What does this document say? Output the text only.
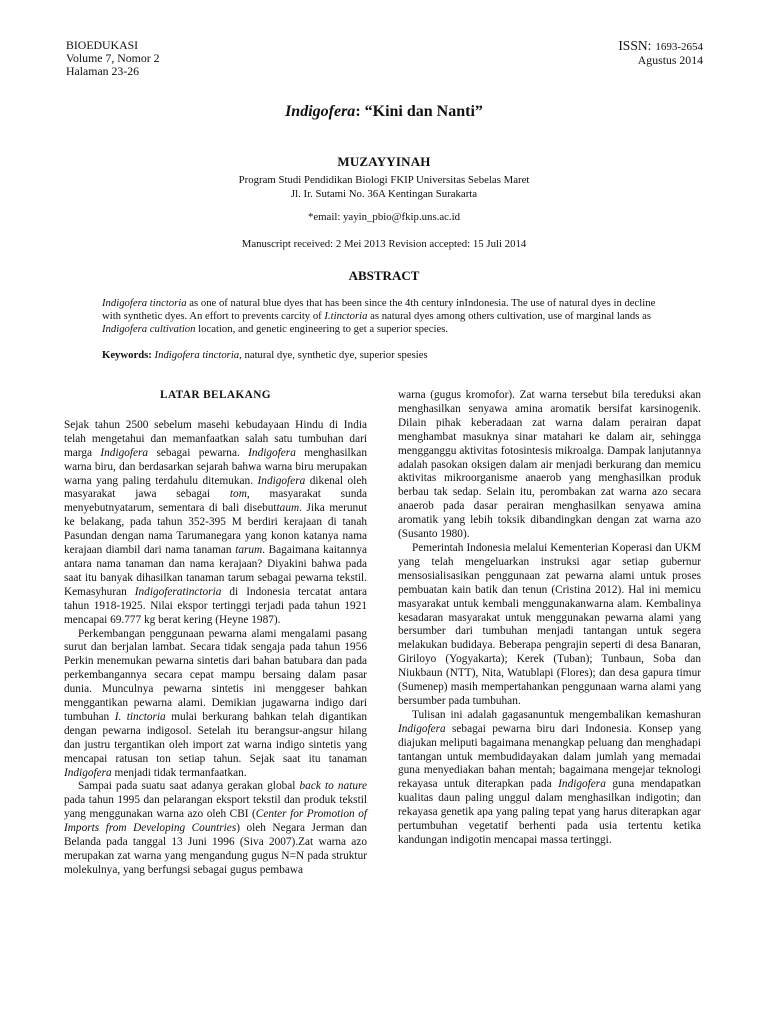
BIOEDUKASI
Volume 7, Nomor 2
Halaman 23-26
ISSN: 1693-2654
Agustus 2014
Indigofera: “Kini dan Nanti”
MUZAYYINAH
Program Studi Pendidikan Biologi FKIP Universitas Sebelas Maret
Jl. Ir. Sutami No. 36A Kentingan Surakarta
*email: yayin_pbio@fkip.uns.ac.id
Manuscript received: 2 Mei 2013 Revision accepted: 15 Juli 2014
ABSTRACT
Indigofera tinctoria as one of natural blue dyes that has been since the 4th century inIndonesia. The use of natural dyes in decline with synthetic dyes. An effort to prevents carcity of I.tinctoria as natural dyes among others cultivation, use of marginal lands as Indigofera cultivation location, and genetic engineering to get a superior species.
Keywords: Indigofera tinctoria, natural dye, synthetic dye, superior spesies
LATAR BELAKANG

Sejak tahun 2500 sebelum masehi kebudayaan Hindu di India telah mengetahui dan memanfaatkan salah satu tumbuhan dari marga Indigofera sebagai pewarna. Indigofera menghasilkan warna biru, dan berdasarkan sejarah bahwa warna biru merupakan warna yang paling terdahulu ditemukan. Indigofera dikenal oleh masyarakat jawa sebagai tom, masyarakat sunda menyebutnyatarum, sementara di bali disebuttaum. Jika merunut ke belakang, pada tahun 352-395 M berdiri kerajaan di tanah Pasundan dengan nama Tarumanegara yang konon katanya nama kerajaan diambil dari nama tanaman tarum. Bagaimana kaitannya antara nama tanaman dan nama kerajaan? Diyakini bahwa pada saat itu banyak dihasilkan tanaman tarum sebagai pewarna tekstil. Kemasyhuran Indigoferatinctoria di Indonesia tercatat antara tahun 1918-1925. Nilai ekspor tertinggi terjadi pada tahun 1921 mencapai 69.777 kg berat kering (Heyne 1987).

Perkembangan penggunaan pewarna alami mengalami pasang surut dan berjalan lambat. Secara tidak sengaja pada tahun 1956 Perkin menemukan pewarna sintetis dari bahan batubara dan pada perkembangannya secara cepat mampu bersaing dalam pasar dunia. Munculnya pewarna sintetis ini menggeser bahkan menggantikan pewarna alami. Demikian jugawarna indigo dari tumbuhan I. tinctoria mulai berkurang bahkan telah digantikan dengan pewarna indigosol. Setelah itu berangsur-angsur hilang dan justru tergantikan oleh import zat warna indigo sintetis yang mencapai ratusan ton setiap tahun. Sejak saat itu tanaman Indigofera menjadi tidak termanfaatkan.

Sampai pada suatu saat adanya gerakan global back to nature pada tahun 1995 dan pelarangan eksport tekstil dan produk tekstil yang menggunakan warna azo oleh CBI (Center for Promotion of Imports from Developing Countries) oleh Negara Jerman dan Belanda pada tanggal 13 Juni 1996 (Siva 2007).Zat warna azo merupakan zat warna yang mengandung gugus N=N pada struktur molekulnya, yang berfungsi sebagai gugus pembawa

warna (gugus kromofor). Zat warna tersebut bila tereduksi akan menghasilkan senyawa amina aromatik bersifat karsinogenik. Dilain pihak keberadaan zat warna dalam perairan dapat menghambat masuknya sinar matahari ke dalam air, sehingga mengganggu aktivitas fotosintesis mikroalga. Dampak lanjutannya adalah pasokan oksigen dalam air menjadi berkurang dan memicu aktivitas mikroorganisme anaerob yang menghasilkan produk berbau tak sedap. Selain itu, perombakan zat warna azo secara anaerob pada dasar perairan menghasilkan senyawa amina aromatik yang lebih toksik dibandingkan dengan zat warna azo (Susanto 1980).

Pemerintah Indonesia melalui Kementerian Koperasi dan UKM yang telah mengeluarkan instruksi agar setiap gubernur mensosialisasikan penggunaan zat pewarna alami untuk proses pembuatan kain batik dan tenun (Cristina 2012). Hal ini memicu masyarakat untuk kembali menggunakanwarna alam. Kembalinya kesadaran masyarakat untuk menggunakan pewarna alami yang bersumber dari tumbuhan menjadi tantangan untuk segera melakukan budidaya. Beberapa pengrajin seperti di desa Banaran, Giriloyo (Yogyakarta); Kerek (Tuban); Tunbaun, Soba dan Niukbaun (NTT), Nita, Watublapi (Flores); dan desa gapura timur (Sumenep) masih mempertahankan penggunaan warna alami yang bersumber pada tumbuhan.

Tulisan ini adalah gagasanuntuk mengembalikan kemashuran Indigofera sebagai pewarna biru dari Indonesia. Konsep yang diajukan meliputi bagaimana menangkap peluang dan menghadapi tantangan untuk membudidayakan dalam jumlah yang memadai guna menyediakan bahan mentah; bagaimana mengejar teknologi rekayasa untuk diterapkan pada Indigofera guna mendapatkan kualitas daun paling unggul dalam menghasilkan indigotin; dan rekayasa genetik apa yang paling tepat yang harus diterapkan agar pertumbuhan vegetatif berhenti pada usia tertentu ketika kandungan indigotin mencapai massa tertinggi.
